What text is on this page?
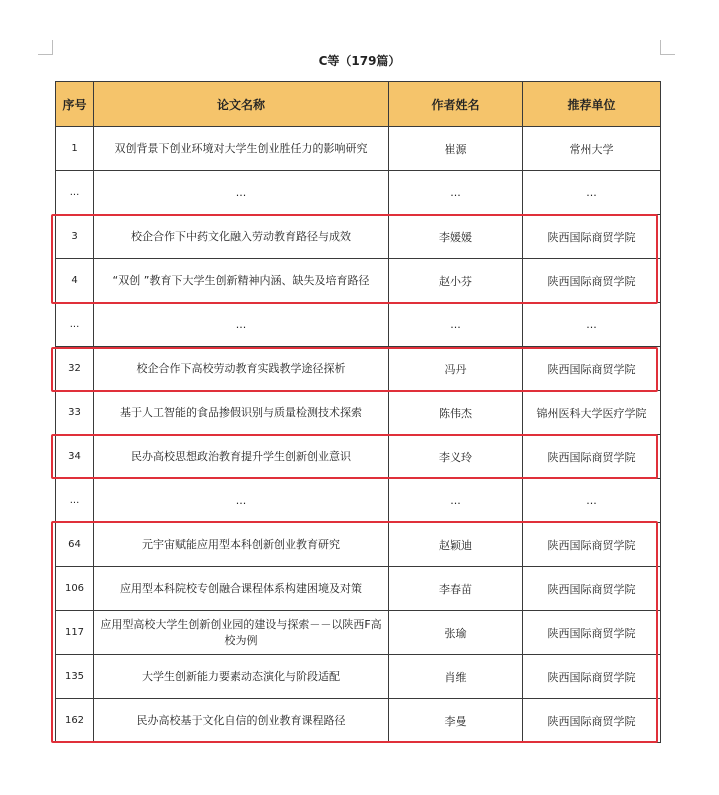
C等（179篇）
序号	论文名称	作者姓名	推荐单位
1	双创背景下创业环境对大学生创业胜任力的影响研究	崔源	常州大学
...	...	...	...
3	校企合作下中药文化融入劳动教育路径与成效	李媛媛	陕西国际商贸学院
4	“双创 ”教育下大学生创新精神内涵、缺失及培育路径	赵小芬	陕西国际商贸学院
...	...	...	...
32	校企合作下高校劳动教育实践教学途径探析	冯丹	陕西国际商贸学院
33	基于人工智能的食品掺假识别与质量检测技术探索	陈伟杰	锦州医科大学医疗学院
34	民办高校思想政治教育提升学生创新创业意识	李义玲	陕西国际商贸学院
...	...	...	...
64	元宇宙赋能应用型本科创新创业教育研究	赵颖迪	陕西国际商贸学院
106	应用型本科院校专创融合课程体系构建困境及对策	李春苗	陕西国际商贸学院
117	应用型高校大学生创新创业园的建设与探索－－以陕西F高校为例	张瑜	陕西国际商贸学院
135	大学生创新能力要素动态演化与阶段适配	肖维	陕西国际商贸学院
162	民办高校基于文化自信的创业教育课程路径	李曼	陕西国际商贸学院
